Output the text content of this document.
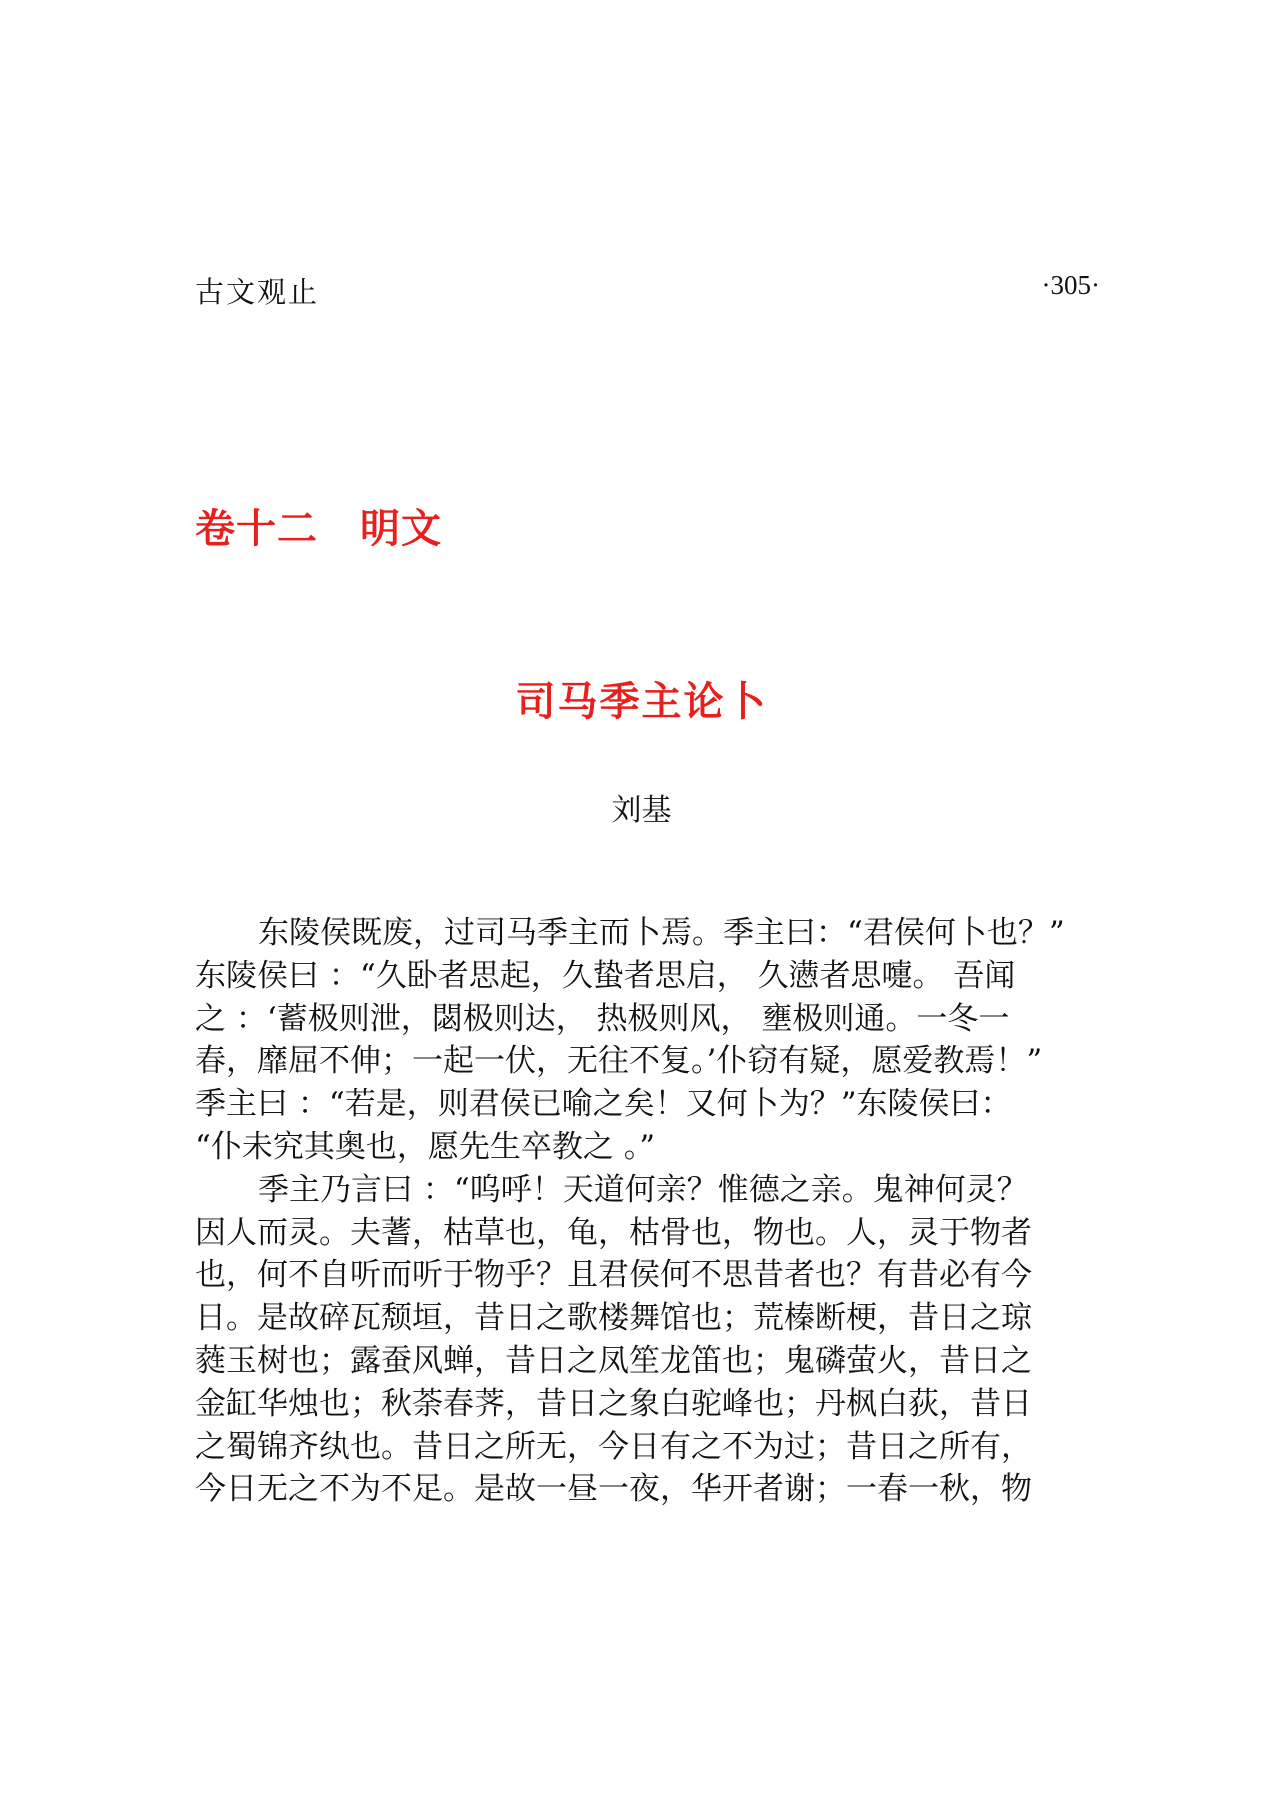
古文观止	·305·
卷十二 明文
司马季主论卜
刘基
东陵侯既废，过司马季主而卜焉。季主曰：“君侯何卜也？”
东陵侯曰 ：“久卧者思起，久蛰者思启， 久懑者思嚏。 吾闻
之 ：‘蓄极则泄，閟极则达， 热极则风， 壅极则通。一冬一
春，靡屈不伸；一起一伏，无往不复。’仆窃有疑，愿爱教焉！”
季主曰 ：“若是，则君侯已喻之矣！又何卜为？”东陵侯曰：
“仆未究其奥也，愿先生卒教之 。”
季主乃言曰 ：“呜呼！天道何亲？惟德之亲。鬼神何灵？
因人而灵。夫蓍，枯草也，龟，枯骨也，物也。人，灵于物者
也，何不自听而听于物乎？且君侯何不思昔者也？有昔必有今
日。是故碎瓦颓垣，昔日之歌楼舞馆也；荒榛断梗，昔日之琼
蕤玉树也；露蚕风蝉，昔日之凤笙龙笛也；鬼磷萤火，昔日之
金缸华烛也；秋荼春荠，昔日之象白驼峰也；丹枫白荻，昔日
之蜀锦齐纨也。昔日之所无，今日有之不为过；昔日之所有，
今日无之不为不足。是故一昼一夜，华开者谢；一春一秋，物
